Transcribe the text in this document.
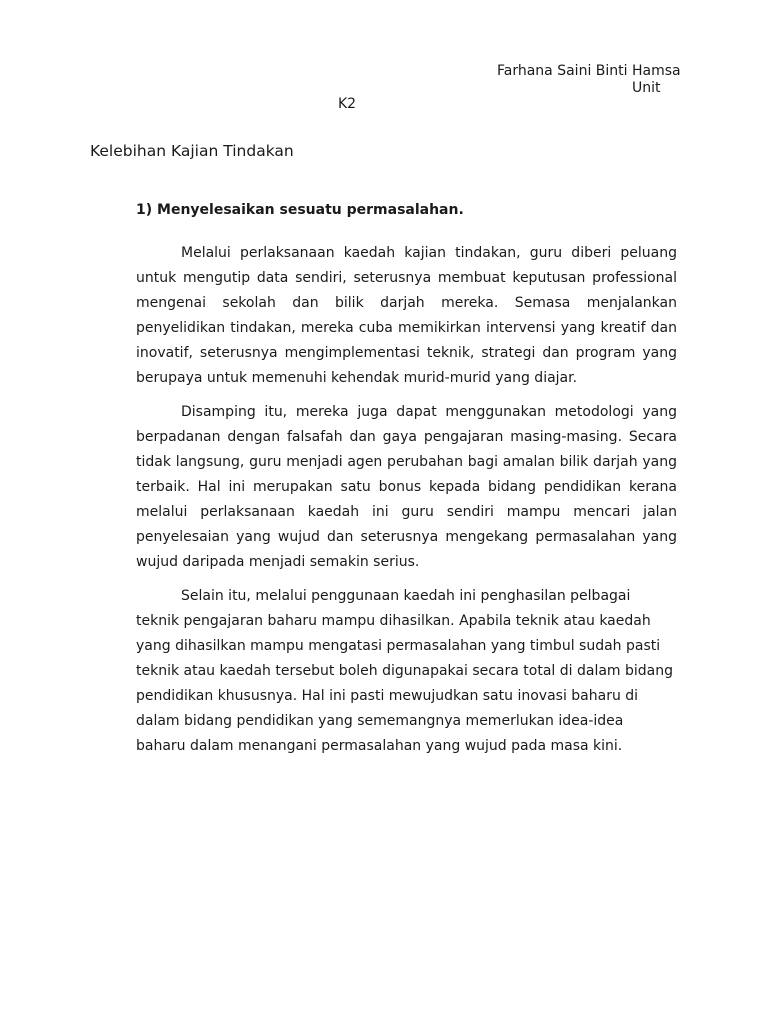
Farhana Saini Binti Hamsa
Unit
K2
Kelebihan Kajian Tindakan
1) Menyelesaikan sesuatu permasalahan.

Melalui perlaksanaan kaedah kajian tindakan, guru diberi peluang untuk mengutip data sendiri, seterusnya membuat keputusan professional mengenai sekolah dan bilik darjah mereka. Semasa menjalankan penyelidikan tindakan, mereka cuba memikirkan intervensi yang kreatif dan inovatif, seterusnya mengimplementasi teknik, strategi dan program yang berupaya untuk memenuhi kehendak murid-murid yang diajar.

Disamping itu, mereka juga dapat menggunakan metodologi yang berpadanan dengan falsafah dan gaya pengajaran masing-masing. Secara tidak langsung, guru menjadi agen perubahan bagi amalan bilik darjah yang terbaik. Hal ini merupakan satu bonus kepada bidang pendidikan kerana melalui perlaksanaan kaedah ini guru sendiri mampu mencari jalan penyelesaian yang wujud dan seterusnya mengekang permasalahan yang wujud daripada menjadi semakin serius.

Selain itu, melalui penggunaan kaedah ini penghasilan pelbagai teknik pengajaran baharu mampu dihasilkan. Apabila teknik atau kaedah yang dihasilkan mampu mengatasi permasalahan yang timbul sudah pasti teknik atau kaedah tersebut boleh digunapakai secara total di dalam bidang pendidikan khususnya. Hal ini pasti mewujudkan satu inovasi baharu di dalam bidang pendidikan yang sememangnya memerlukan idea-idea baharu dalam menangani permasalahan yang wujud pada masa kini.
